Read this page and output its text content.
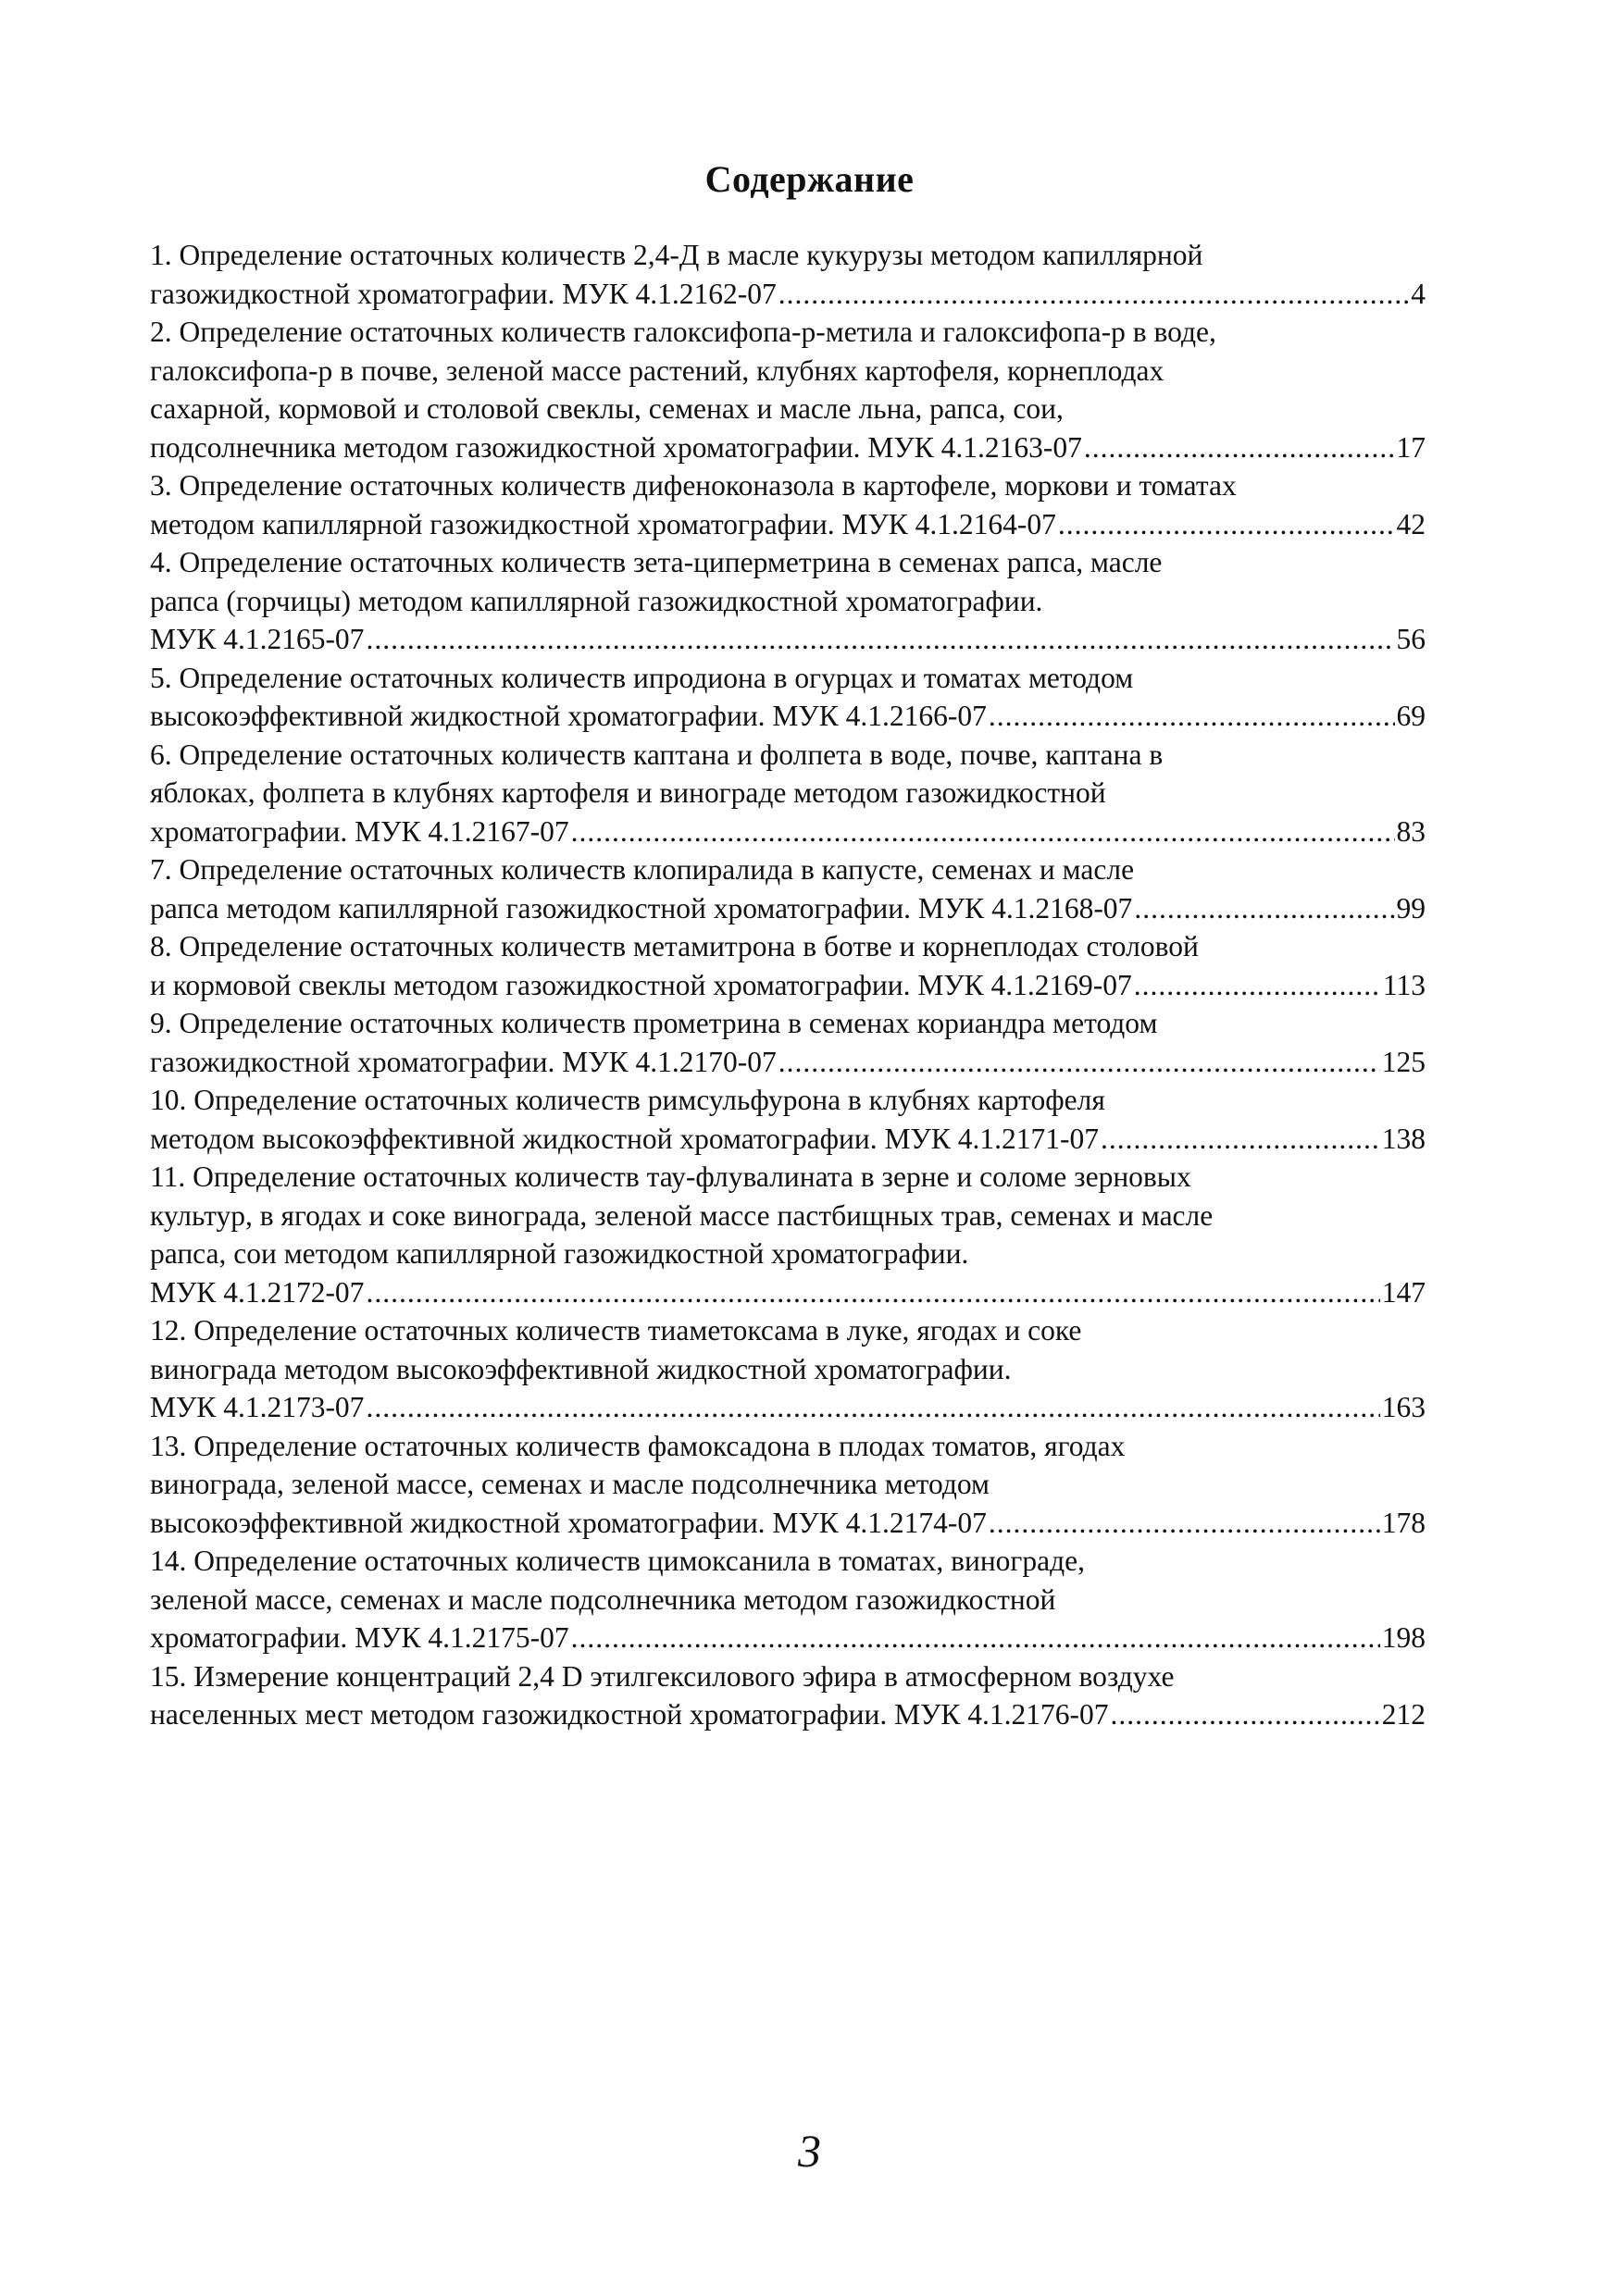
Содержание
1. Определение остаточных количеств 2,4-Д в масле кукурузы методом капиллярной
газожидкостной хроматографии. МУК 4.1.2162-07 .....	4
2. Определение остаточных количеств галоксифопа-р-метила и галоксифопа-р в воде,
галоксифопа-р в почве, зеленой массе растений, клубнях картофеля, корнеплодах
сахарной, кормовой и столовой свеклы, семенах и масле льна, рапса, сои,
подсолнечника методом газожидкостной хроматографии. МУК 4.1.2163-07 .....	17
3. Определение остаточных количеств дифеноконазола в картофеле, моркови и томатах
методом капиллярной газожидкостной хроматографии. МУК 4.1.2164-07 .....	42
4. Определение остаточных количеств зета-циперметрина в семенах рапса, масле
рапса (горчицы) методом капиллярной газожидкостной хроматографии.
МУК 4.1.2165-07 .....	56
5. Определение остаточных количеств ипродиона в огурцах и томатах методом
высокоэффективной жидкостной хроматографии. МУК 4.1.2166-07 .....	69
6. Определение остаточных количеств каптана и фолпета в воде, почве, каптана в
яблоках, фолпета в клубнях картофеля и винограде методом газожидкостной
хроматографии. МУК 4.1.2167-07 .....	83
7. Определение остаточных количеств клопиралида в капусте, семенах и масле
рапса методом капиллярной газожидкостной хроматографии. МУК 4.1.2168-07 .....	99
8. Определение остаточных количеств метамитрона в ботве и корнеплодах столовой
и кормовой свеклы методом газожидкостной хроматографии. МУК 4.1.2169-07 .....	113
9. Определение остаточных количеств прометрина в семенах кориандра методом
газожидкостной хроматографии. МУК 4.1.2170-07 .....	125
10. Определение остаточных количеств римсульфурона в клубнях картофеля
методом высокоэффективной жидкостной хроматографии. МУК 4.1.2171-07 .....	138
11. Определение остаточных количеств тау-флувалината в зерне и соломе зерновых
культур, в ягодах и соке винограда, зеленой массе пастбищных трав, семенах и масле
рапса, сои методом капиллярной газожидкостной хроматографии.
МУК 4.1.2172-07 .....	147
12. Определение остаточных количеств тиаметоксама в луке, ягодах и соке
винограда методом высокоэффективной жидкостной хроматографии.
МУК 4.1.2173-07 .....	163
13. Определение остаточных количеств фамоксадона в плодах томатов, ягодах
винограда, зеленой массе, семенах и масле подсолнечника методом
высокоэффективной жидкостной хроматографии. МУК 4.1.2174-07 .....	178
14. Определение остаточных количеств цимоксанила в томатах, винограде,
зеленой массе, семенах и масле подсолнечника методом газожидкостной
хроматографии. МУК 4.1.2175-07 .....	198
15. Измерение концентраций 2,4 D этилгексилового эфира в атмосферном воздухе
населенных мест методом газожидкостной хроматографии. МУК 4.1.2176-07 .....	212
3
